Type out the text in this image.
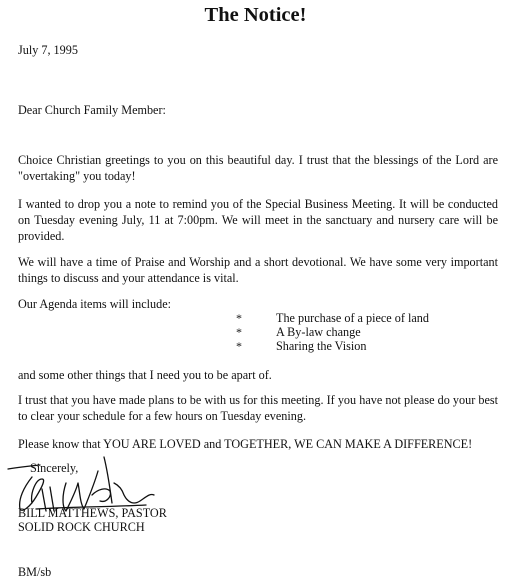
The Notice!
July 7, 1995
Dear Church Family Member:
Choice Christian greetings to you on this beautiful day. I trust that the blessings of the Lord are "overtaking" you today!
I wanted to drop you a note to remind you of the Special Business Meeting. It will be conducted on Tuesday evening July, 11 at 7:00pm. We will meet in the sanctuary and nursery care will be provided.
We will have a time of Praise and Worship and a short devotional. We have some very important things to discuss and your attendance is vital.
Our Agenda items will include:
*	The purchase of a piece of land
*	A By-law change
*	Sharing the Vision
and some other things that I need you to be apart of.
I trust that you have made plans to be with us for this meeting. If you have not please do your best to clear your schedule for a few hours on Tuesday evening.
Please know that YOU ARE LOVED and TOGETHER, WE CAN MAKE A DIFFERENCE!
Sincerely,
BILL MATTHEWS, PASTOR
SOLID ROCK CHURCH
BM/sb
